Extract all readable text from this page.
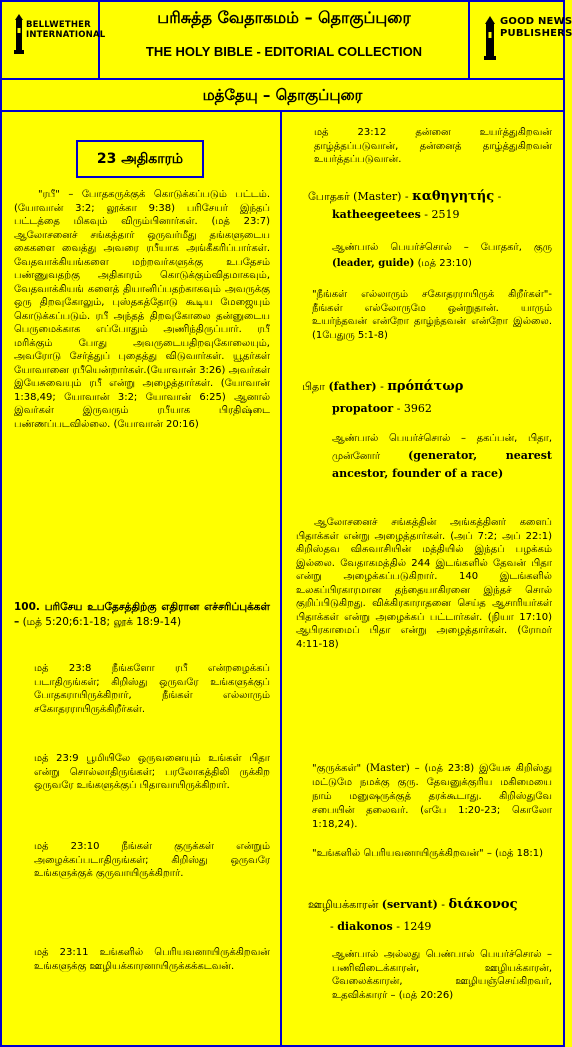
BELLWETHER INTERNATIONAL
பரிசுத்த வேதாகமம் – தொகுப்புரை
THE HOLY BIBLE - EDITORIAL COLLECTION
GOOD NEWS PUBLISHERS
மத்தேயு – தொகுப்புரை
23 அதிகாரம்
"ரபீ" – போதகருக்குக் கொடுக்கப்படும் பட்டம். (யோவான் 3:2; லூக்கா 9:38) பரிசேயர் இந்தப் பட்டத்தை மிகவும் விரும்பினார்கள். (மத் 23:7) ஆலோசனைச் சங்கத்தார் ஒருவர்மீது தங்களுடைய கைகளை வைத்து அவரை ரபீயாக அங்கீகரிப்பார்கள். வேதவாக்கியங்களை மற்றவர்களுக்கு உபதேசம் பண்ணுவதற்கு அதிகாரம் கொடுக்கும்விதமாகவும், வேதவாக்கியங் களைத் தியானிப்பதற்காகவும் அவருக்கு ஒரு திறவுகோலும், புஸ்தகத்தோடு கூடிய மேஜையும் கொடுக்கப்படும். ரபீ அந்தத் திறவுகோலை தன்னுடைய பெருமைக்காக எப்போதும் அணிந்திருப்பார். ரபீ மரிக்கும் போது அவருடையதிறவுகோலையும், அவரோடு சேர்த்துப் புதைத்து விடுவார்கள். யூதர்கள் யோவானை ரபீயென்றார்கள்.(யோவான் 3:26) அவர்கள் இயேசுவையும் ரபீ என்று அழைத்தார்கள். (யோவான் 1:38,49; யோவான் 3:2; யோவான் 6:25) ஆனால் இவர்கள் இருவரும் ரபீயாக பிரதிஷ்டை பண்ணப்படவில்லை. (யோவான் 20:16)
100. பரிசேய உபதேசத்திற்கு எதிரான எச்சரிப்புக்கள் – (மத் 5:20;6:1-18; லூக் 18:9-14)
மத் 23:8 நீங்களோ ரபீ என்றழைக்கப் படாதிருங்கள்; கிறிஸ்து ஒருவரே உங்களுக்குப் போதகராயிருக்கிறார், நீங்கள் எல்லாரும் சகோதரராயிருக்கிறீர்கள்.
மத் 23:9 பூமியிலே ஒருவனையும் உங்கள் பிதா என்று சொல்லாதிருங்கள்; பரலோகத்திலி ருக்கிற ஒருவரே உங்களுக்குப் பிதாவாயிருக்கிறார்.
மத் 23:10 நீங்கள் குருக்கள் என்றும் அழைக்கப்படாதிருங்கள்; கிறிஸ்து ஒருவரே உங்களுக்குக் குருவாயிருக்கிறார்.
மத் 23:11 உங்களில் பெரியவனாயிருக்கிறவன் உங்களுக்கு ஊழியக்காரனாயிருக்கக்கடவன்.
மத் 23:12 தன்னை உயர்த்துகிறவன் தாழ்த்தப்படுவான், தன்னைத் தாழ்த்துகிறவன் உயர்த்தப்படுவான்.
போதகர் (Master) - καθηγητής -
katheegeetees - 2519
ஆண்பால் பெயர்ச்சொல் – போதகர், குரு (leader, guide) (மத் 23:10)
"நீங்கள் எல்லாரும் சகோதரராயிருக் கிறீர்கள்"- நீங்கள் எல்லோருமே ஒன்றுதான். யாரும் உயர்ந்தவன் என்றோ தாழ்ந்தவன் என்றோ இல்லை. (1பேதுரு 5:1-8)
பிதா (father) - πρόπάτωρ
propatoor - 3962
ஆண்பால் பெயர்ச்சொல் – தகப்பன், பிதா, முன்னோர் (generator, nearest ancestor, founder of a race)
ஆலோசனைச் சங்கத்தின் அங்கத்தினர் களைப் பிதாக்கள் என்று அழைத்தார்கள். (அப் 7:2; அப் 22:1) கிறிஸ்தவ விசுவாசியின் மத்தியில் இந்தப் பழக்கம் இல்லை. வேதாகமத்தில் 244 இடங்களில் தேவன் பிதா என்று அழைக்கப்படுகிறார். 140 இடங்களில் உலகப்பிரகாரமான தந்தையாகிரனை இந்தச் சொல் குறிப்பிடுகிறது. விக்கிரகாராதனை செய்த ஆசாரியர்கள் பிதாக்கள் என்று அழைக்கப் பட்டார்கள். (நியா 17:10) ஆபிரகாமைப் பிதா என்று அழைத்தார்கள். (ரோமர் 4:11-18)
"குருக்கள்" (Master) – (மத் 23:8) இயேசு கிறிஸ்து மட்டுமே நமக்கு குரு. தேவனுக்குரிய மகிமையை நாம் மனுஷருக்குத் தரக்கூடாது. கிறிஸ்துவே சபையின் தலைவர். (எபே 1:20-23; கொலோ 1:18,24).
"உங்களில் பெரியவனாயிருக்கிறவன்" – (மத் 18:1)
ஊழியக்காரன் (servant) - διάκονος
- diakonos - 1249
ஆண்பால் அல்லது பெண்பால் பெயர்ச்சொல் – பணிவிடைக்காரன், ஊழியக்காரன், வேலைக்காரன், ஊழியஞ்செய்கிறவர், உதவிக்காரர் – (மத் 20:26)
